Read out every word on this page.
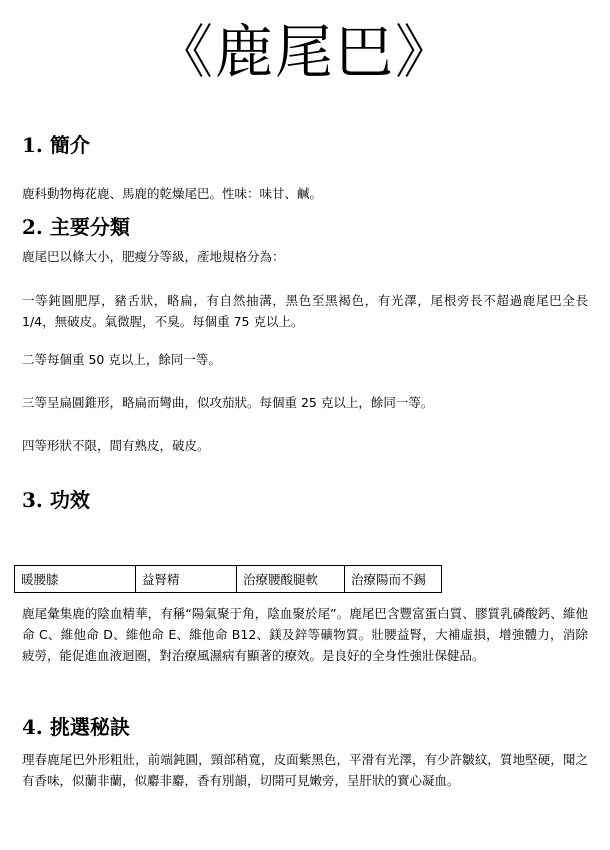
《鹿尾巴》
1. 簡介
鹿科動物梅花鹿、馬鹿的乾燥尾巴。性味：味甘、鹹。
2. 主要分類
鹿尾巴以條大小，肥瘦分等級，產地規格分為：
一等鈍圓肥厚，豬舌狀，略扁，有自然抽溝，黑色至黑褐色，有光澤，尾根旁長不超過鹿尾巴全長 1/4，無破皮。氣微腥，不臭。每個重 75 克以上。
二等每個重 50 克以上，餘同一等。
三等呈扁圓錐形，略扁而彎曲，似攻茄狀。每個重 25 克以上，餘同一等。
四等形狀不限，間有熟皮，破皮。
3. 功效
暖腰膝	益腎精	治療腰酸腿軟	治療陽而不錫
鹿尾彙集鹿的陰血精華，有稱“陽氣聚于角，陰血聚於尾”。鹿尾巴含豐富蛋白質、膠質乳磷酸鈣、維他命 C、維他命 D、維他命 E、維他命 B12、鎂及鋅等礦物質。壯腰益腎，大補虛損，增強體力，消除疲勞，能促進血液迴圈，對治療風濕病有顯著的療效。是良好的全身性強壯保健品。
4. 挑選秘訣
理春鹿尾巴外形粗壯，前端鈍圓，頸部稍寬，皮面紫黑色，平滑有光澤，有少許皺紋，質地堅硬，聞之有香味，似蘭非蘭，似麝非麝，香有別韻，切開可見嫩旁，呈肝狀的實心凝血。
